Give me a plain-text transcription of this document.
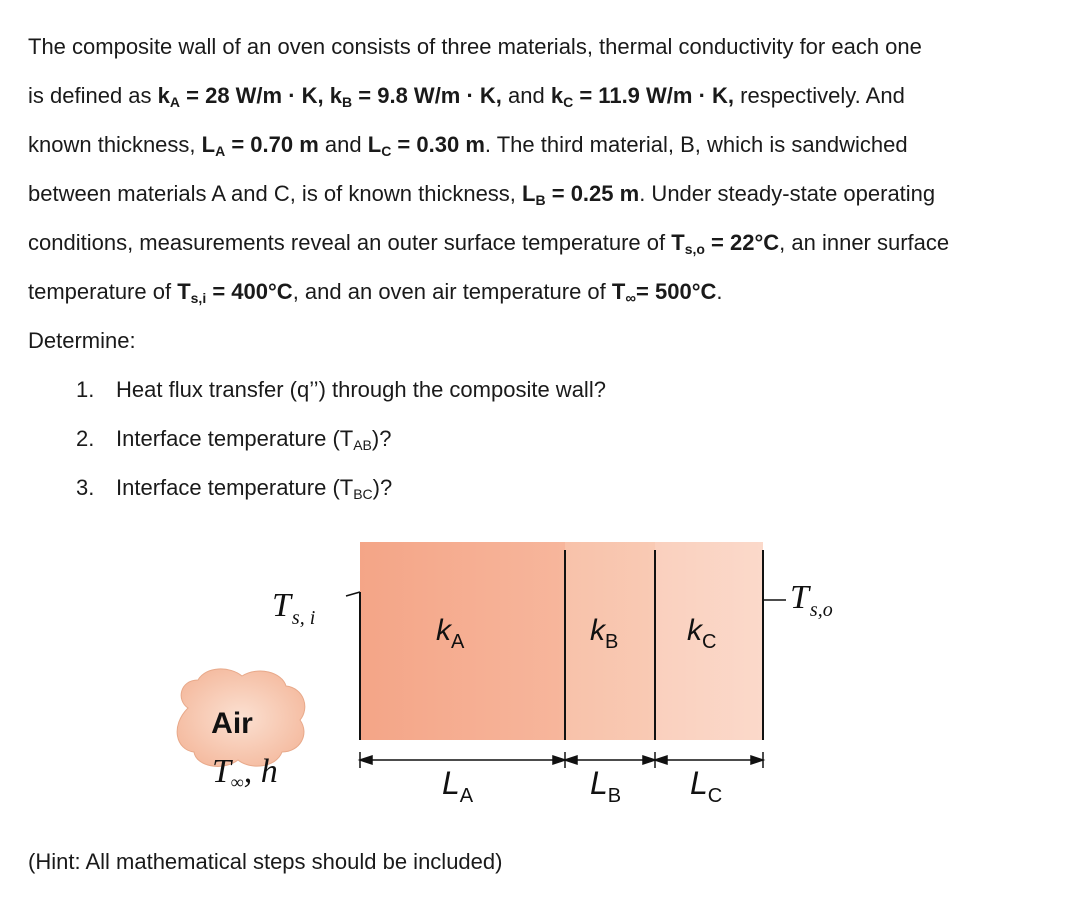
The composite wall of an oven consists of three materials, thermal conductivity for each one
is defined as $k_A = 28$ W/m · K, $k_B = 9.8$ W/m · K, and $k_C = 11.9$ W/m · K, respectively. And
known thickness, $L_A = 0.70$ m and $L_C = 0.30$ m. The third material, B, which is sandwiched
between materials A and C, is of known thickness, $L_B = 0.25$ m. Under steady-state operating
conditions, measurements reveal an outer surface temperature of $T_{s,o} = 22^\circ C$, an inner surface
temperature of $T_{s,i} = 400^\circ C$, and an oven air temperature of $T_\infty= 500^\circ C$.
Determine:
1. Heat flux transfer (q’’) through the composite wall?
2. Interface temperature $(T_{AB})$?
3. Interface temperature $(T_{BC})$?
$T_{s, i}$
$T_{s,o}$
$k_A$	$k_B$ $k_C$
Air
T∞, h	$L_A$	$L_B$ $L_C$
(Hint: All mathematical steps should be included)
